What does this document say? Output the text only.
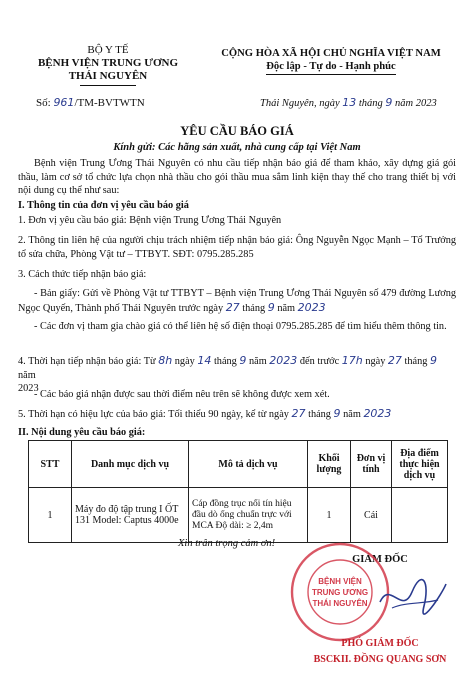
BỘ Y TẾ
BỆNH VIỆN TRUNG ƯƠNG
THÁI NGUYÊN
CỘNG HÒA XÃ HỘI CHỦ NGHĨA VIỆT NAM
Độc lập - Tự do - Hạnh phúc
Số: 961/TM-BVTWTN	Thái Nguyên, ngày 13 tháng 9 năm 2023
YÊU CẦU BÁO GIÁ
Kính gửi: Các hãng sản xuất, nhà cung cấp tại Việt Nam
Bệnh viện Trung Ương Thái Nguyên có nhu cầu tiếp nhận báo giá để tham khảo, xây dựng giá gói thầu, làm cơ sở tổ chức lựa chọn nhà thầu cho gói thầu mua sắm linh kiện thay thế cho trang thiết bị với nội dung cụ thể như sau:
I. Thông tin của đơn vị yêu cầu báo giá
1. Đơn vị yêu cầu báo giá: Bệnh viện Trung Ương Thái Nguyên
2. Thông tin liên hệ của người chịu trách nhiệm tiếp nhận báo giá: Ông Nguyễn Ngọc Mạnh – Tổ Trưởng tổ sửa chữa, Phòng Vật tư – TTBYT. SĐT: 0795.285.285
3. Cách thức tiếp nhận báo giá:
- Bản giấy: Gửi về Phòng Vật tư TTBYT – Bệnh viện Trung Ương Thái Nguyên số 479 đường Lương Ngọc Quyến, Thành phố Thái Nguyên trước ngày 27 tháng 9 năm 2023
- Các đơn vị tham gia chào giá có thể liên hệ số điện thoại 0795.285.285 để tìm hiểu thêm thông tin.
4. Thời hạn tiếp nhận báo giá: Từ 8h ngày 14 tháng 9 năm 2023 đến trước 17h ngày 27 tháng 9 năm
2023
- Các báo giá nhận được sau thời điểm nêu trên sẽ không được xem xét.
5. Thời hạn có hiệu lực của báo giá: Tối thiểu 90 ngày, kể từ ngày 27 tháng 9 năm 2023
II. Nội dung yêu cầu báo giá:
STT	Danh mục dịch vụ	Mô tả dịch vụ	Khối lượng	Đơn vị tính	Địa điểm thực hiện dịch vụ
1	Máy đo độ tập trung I ỐT 131 Model: Captus 4000e	Cáp đồng trục nối tín hiệu đầu dò ống chuẩn trực với MCA Độ dài: ≥ 2,4m	1	Cái	
Xin trân trọng cảm ơn!
GIÁM ĐỐC
BỆNH VIỆN
TRUNG ƯƠNG
THÁI NGUYÊN
PHÓ GIÁM ĐỐC
BSCKII. ĐỒNG QUANG SƠN
